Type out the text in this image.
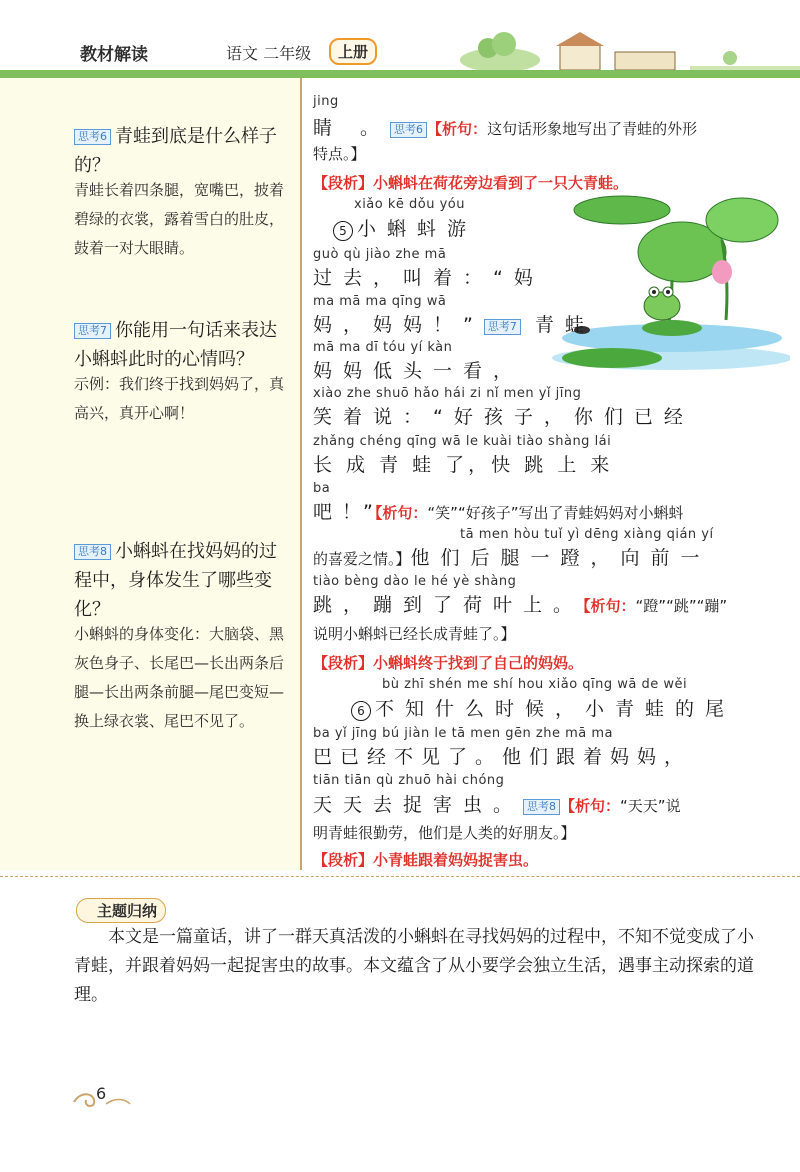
教材解读	语文 二年级	上册
思考6 青蛙到底是什么样子的？
青蛙长着四条腿，宽嘴巴，披着碧绿的衣裳，露着雪白的肚皮，鼓着一对大眼睛。
思考7 你能用一句话来表达小蝌蚪此时的心情吗？
示例：我们终于找到妈妈了，真高兴，真开心啊！
思考8 小蝌蚪在找妈妈的过程中，身体发生了哪些变化？
小蝌蚪的身体变化：大脑袋、黑灰色身子、长尾巴—长出两条后腿—长出两条前腿—尾巴变短—换上绿衣裳、尾巴不见了。
jing
睛 。 思考6 【析句：这句话形象地写出了青蛙的外形
特点。】
【段析】小蝌蚪在荷花旁边看到了一只大青蛙。
xiǎo kē dǒu yóu
5 小蝌蚪游
guò qù jiào zhe mā
过去，叫着：“妈
ma mā ma qīng wā
妈，妈妈！” 思考7 青蛙
mā ma dī tóu yí kàn
妈妈低头一看，
xiào zhe shuō hǎo hái zi nǐ men yǐ jīng
笑着说：“好孩子，你们已经
zhǎng chéng qīng wā le kuài tiào shàng lái
长 成 青 蛙 了，快 跳 上 来
ba
吧 ！”【析句：“笑”“好孩子”写出了青蛙妈妈对小蝌蚪
tā men hòu tuǐ yì dēng xiàng qián yí
的喜爱之情。】他们后腿一蹬，向前一
tiào bèng dào le hé yè shàng
跳，蹦到了荷叶上。【析句：“蹬”“跳”“蹦”
说明小蝌蚪已经长成青蛙了。】
【段析】小蝌蚪终于找到了自己的妈妈。
bù zhī shén me shí hou xiǎo qīng wā de wěi
6 不知什么时候，小青蛙的尾
ba yǐ jīng bú jiàn le tā men gēn zhe mā ma
巴已经不见了。他们跟着妈妈，
tiān tiān qù zhuō hài chóng
天天去捉害虫。 思考8 【析句：“天天”说
明青蛙很勤劳，他们是人类的好朋友。】
【段析】小青蛙跟着妈妈捉害虫。
主题归纳
本文是一篇童话，讲了一群天真活泼的小蝌蚪在寻找妈妈的过程中，不知不觉变成了小青蛙，并跟着妈妈一起捉害虫的故事。本文蕴含了从小要学会独立生活，遇事主动探索的道理。
6
